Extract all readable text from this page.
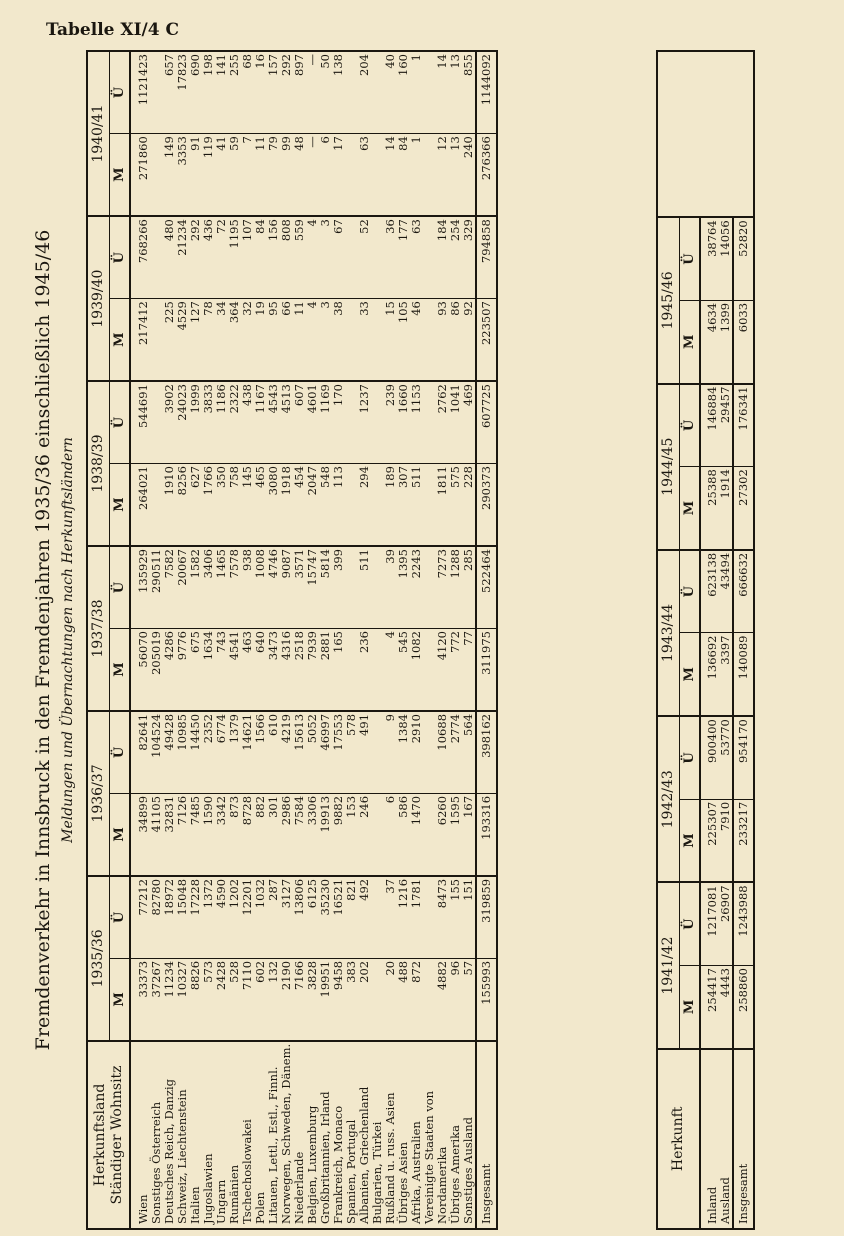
Tabelle XI/4 C
Fremdenverkehr in Innsbruck in den Fremdenjahren 1935/36 einschließlich 1945/46 Meldungen und Übernachtungen nach Herkunftsländern
Herkunftsland Ständiger Wohnsitz	1935/36		1936/37		1937/38		1938/39		1939/40		1940/41	
	M	Ü	M	Ü	M	Ü	M	Ü	M	Ü	M	Ü
Wien	33373	77212	34899	82641	56070	135929	264021	544691	217412	768266	271860	1121423
Sonstiges Österreich	37267	82780	41105	104524	205019	290511						
Deutsches Reich, Danzig	11234	18972	32831	49428	4286	7582	1910	3902	225	480	149	657
Schweiz, Liechtenstein	10327	15048	7126	10985	9776	20067	8256	24023	4529	21234	3353	17823
Italien	8826	17228	7485	14450	675	1582	627	1999	127	292	91	690
Jugoslawien	573	1372	1590	2352	1634	3406	1766	3833	78	436	119	198
Ungarn	2428	4590	3342	6774	743	1465	350	1186	34	72	41	141
Rumänien	528	1202	873	1379	4541	7578	758	2322	364	1195	59	255
Tschechoslowakei	7110	12201	8728	14621	463	938	145	438	32	107	7	68
Polen	602	1032	882	1566	640	1008	465	1167	19	84	11	16
Litauen, Lettl., Estl., Finnl.	132	287	301	610	3473	4746	3080	4543	95	156	79	157
Norwegen, Schweden, Dänem.	2190	3127	2986	4219	4316	9087	1918	4513	66	808	99	292
Niederlande	7166	13806	7584	15613	2518	3571	454	607	11	559	48	897
Belgien, Luxemburg	3828	6125	3306	5052	7939	15747	2047	4601	4	4	—	—
Großbritannien, Irland	19951	35230	19913	46997	2881	5814	548	1169	3	3	6	50
Frankreich, Monaco	9458	16521	9882	17553	165	399	113	170	38	67	17	138
Spanien, Portugal	383	821	153	578								
Albanien, Griechenland	202	492	246	491	236	511	294	1237	33	52	63	204
Bulgarien, Türkei												
Rußland u. russ. Asien	20	37	6	9	4	39	189	239	15	36	14	40
Übriges Asien	488	1216	586	1384	545	1395	307	1660	105	177	84	160
Afrika, Australien	872	1781	1470	2910	1082	2243	511	1153	46	63	1	1
Vereinigte Staaten von												
Nordamerika	4882	8473	6260	10688	4120	7273	1811	2762	93	184	12	14
Übriges Amerika	96	155	1595	2774	772	1288	575	1041	86	254	13	13
Sonstiges Ausland	57	151	167	564	77	285	228	469	92	329	240	855
Insgesamt	155993	319859	193316	398162	311975	522464	290373	607725	223507	794858	276366	1144092
Herkunft	1941/42		1942/43		1943/44		1944/45		1945/46		
	M	Ü	M	Ü	M	Ü	M	Ü	M	Ü	
Inland	254417	1217081	225307	900400	136692	623138	25388	146884	4634	38764	
Ausland	4443	26907	7910	53770	3397	43494	1914	29457	1399	14056	
Insgesamt	258860	1243988	233217	954170	140089	666632	27302	176341	6033	52820	
